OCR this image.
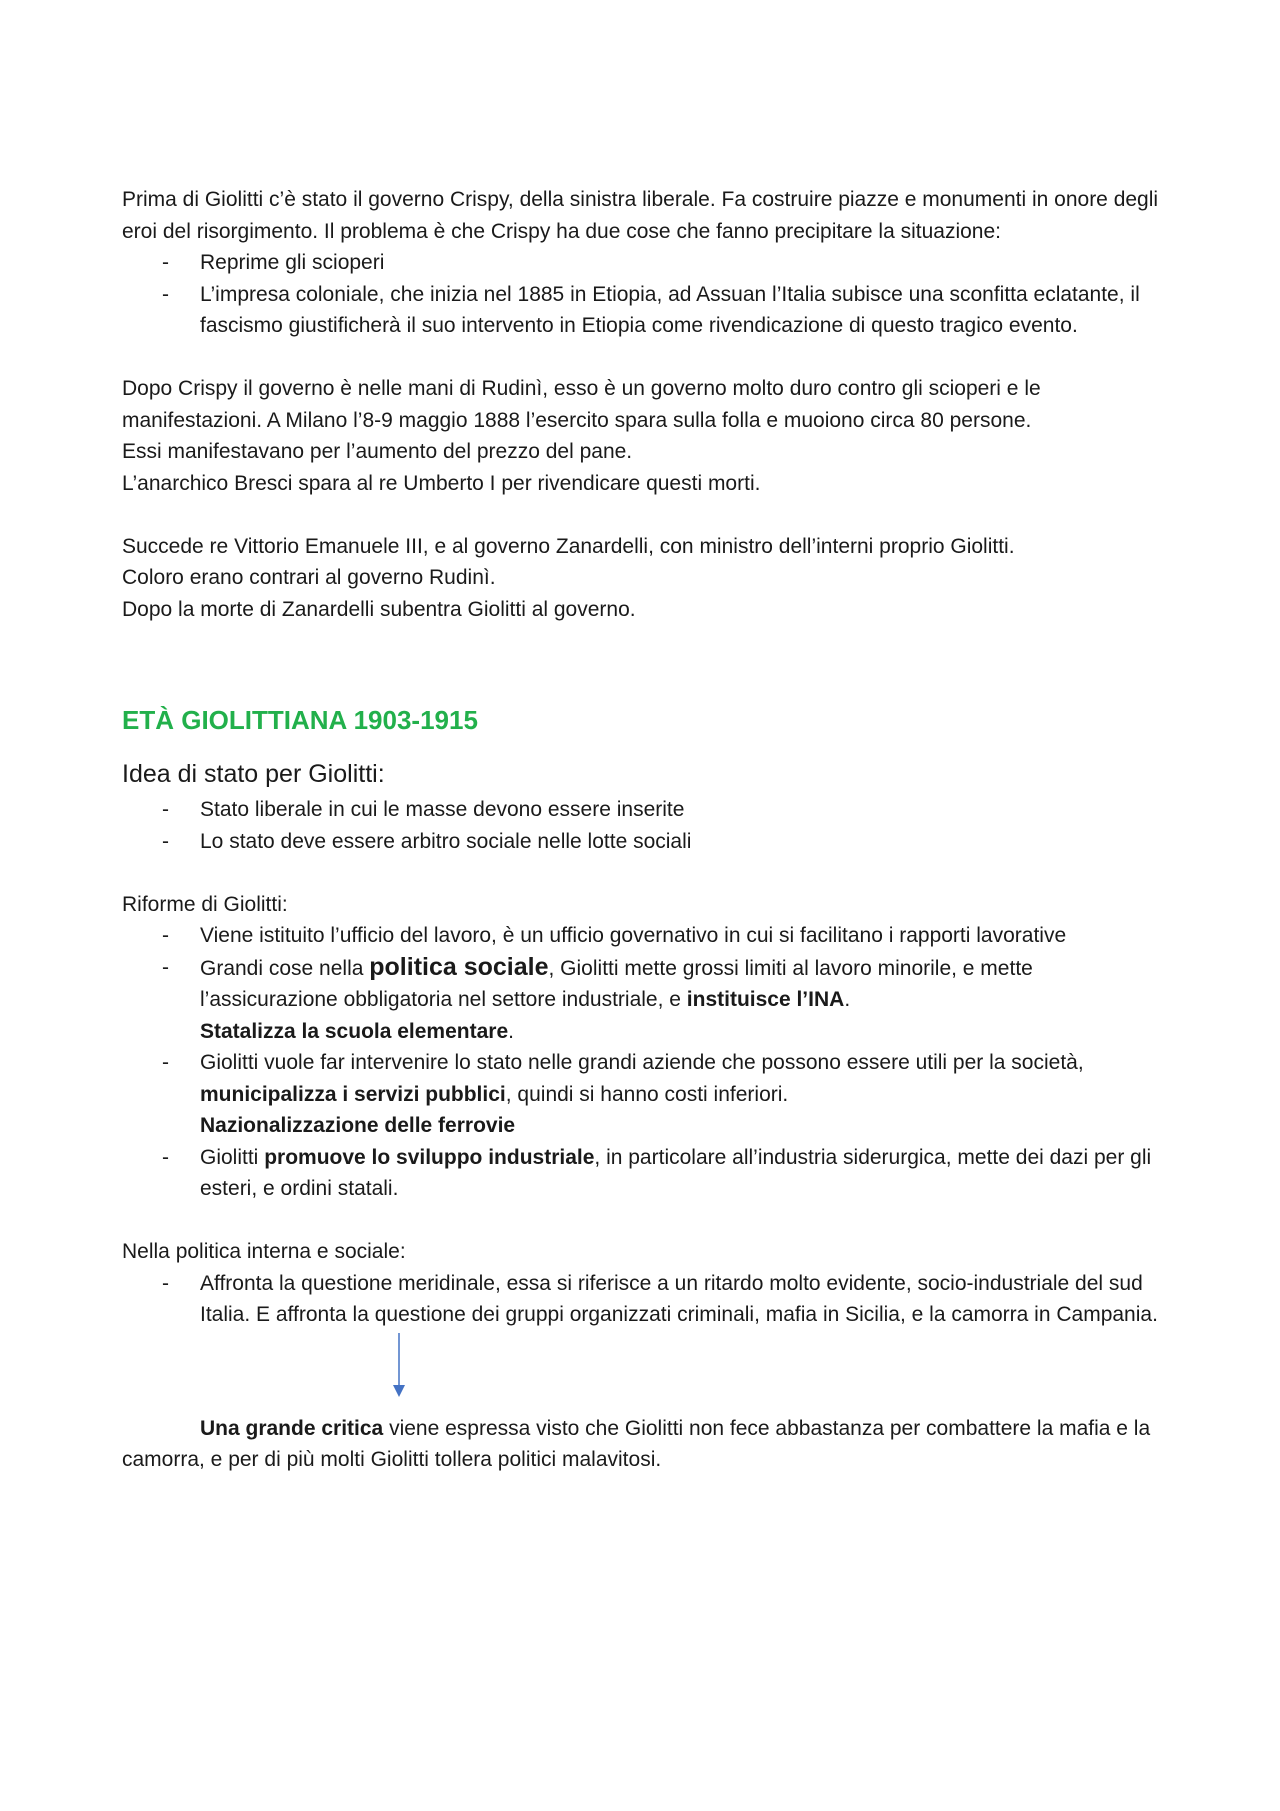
Prima di Giolitti c’è stato il governo Crispy, della sinistra liberale. Fa costruire piazze e monumenti in onore degli eroi del risorgimento. Il problema è che Crispy ha due cose che fanno precipitare la situazione:

- Reprime gli scioperi
- L’impresa coloniale, che inizia nel 1885 in Etiopia, ad Assuan l’Italia subisce una sconfitta eclatante, il fascismo giustificherà il suo intervento in Etiopia come rivendicazione di questo tragico evento.

Dopo Crispy il governo è nelle mani di Rudinì, esso è un governo molto duro contro gli scioperi e le manifestazioni. A Milano l’8-9 maggio 1888 l’esercito spara sulla folla e muoiono circa 80 persone.

Essi manifestavano per l’aumento del prezzo del pane.

L’anarchico Bresci spara al re Umberto I per rivendicare questi morti.

Succede re Vittorio Emanuele III, e al governo Zanardelli, con ministro dell’interni proprio Giolitti.

Coloro erano contrari al governo Rudinì.

Dopo la morte di Zanardelli subentra Giolitti al governo.

ETÀ GIOLITTIANA 1903-1915
Idea di stato per Giolitti:
- Stato liberale in cui le masse devono essere inserite
- Lo stato deve essere arbitro sociale nelle lotte sociali

Riforme di Giolitti:

- Viene istituito l’ufficio del lavoro, è un ufficio governativo in cui si facilitano i rapporti lavorative
- Grandi cose nella politica sociale, Giolitti mette grossi limiti al lavoro minorile, e mette l’assicurazione obbligatoria nel settore industriale, e instituisce l’INA.
Statalizza la scuola elementare.
- Giolitti vuole far intervenire lo stato nelle grandi aziende che possono essere utili per la società, municipalizza i servizi pubblici, quindi si hanno costi inferiori.
Nazionalizzazione delle ferrovie
- Giolitti promuove lo sviluppo industriale, in particolare all’industria siderurgica, mette dei dazi per gli esteri, e ordini statali.

Nella politica interna e sociale:

- Affronta la questione meridinale, essa si riferisce a un ritardo molto evidente, socio-industriale del sud Italia. E affronta la questione dei gruppi organizzati criminali, mafia in Sicilia, e la camorra in Campania.

Una grande critica viene espressa visto che Giolitti non fece abbastanza per combattere la mafia e la camorra, e per di più molti Giolitti tollera politici malavitosi.
